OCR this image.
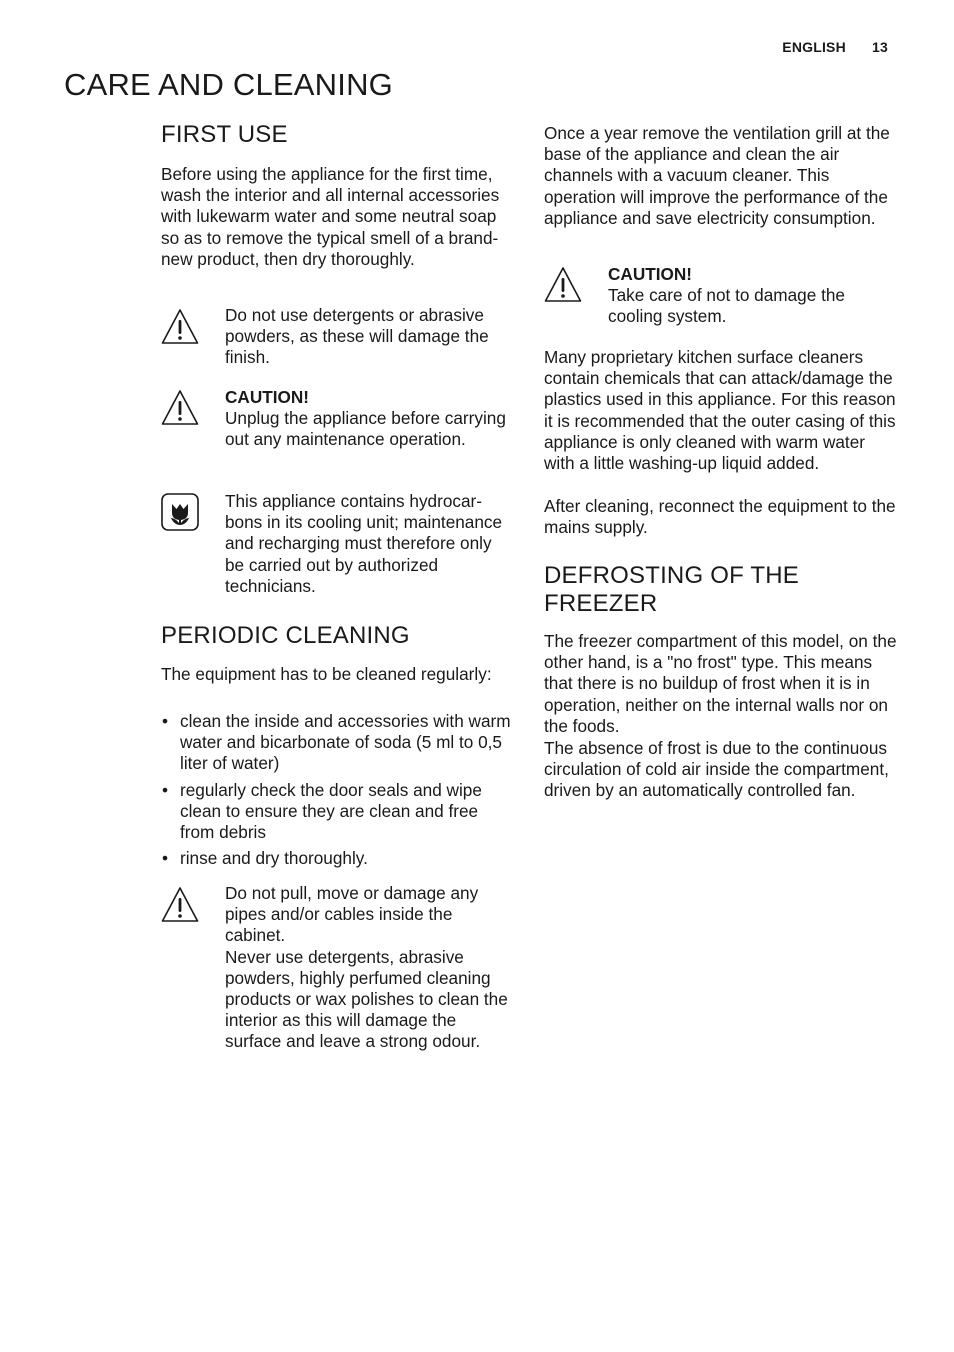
ENGLISH 13
CARE AND CLEANING
FIRST USE

Before using the appliance for the first time, wash the interior and all internal accessories with lukewarm water and some neutral soap so as to remove the typical smell of a brand-new product, then dry thoroughly.

Do not use detergents or abrasive powders, as these will damage the finish.
CAUTION!
Unplug the appliance before carrying out any maintenance operation.
This appliance contains hydrocarbons in its cooling unit; maintenance and recharging must therefore only be carried out by authorized technicians.
PERIODIC CLEANING

The equipment has to be cleaned regularly:

• clean the inside and accessories with warm water and bicarbonate of soda (5 ml to 0,5 liter of water)
• regularly check the door seals and wipe clean to ensure they are clean and free from debris
• rinse and dry thoroughly.
Do not pull, move or damage any pipes and/or cables inside the cabinet.
Never use detergents, abrasive powders, highly perfumed cleaning products or wax polishes to clean the interior as this will damage the surface and leave a strong odour.

Once a year remove the ventilation grill at the base of the appliance and clean the air channels with a vacuum cleaner. This operation will improve the performance of the appliance and save electricity consumption.

CAUTION!
Take care of not to damage the cooling system.

Many proprietary kitchen surface cleaners contain chemicals that can attack/damage the plastics used in this appliance. For this reason it is recommended that the outer casing of this appliance is only cleaned with warm water with a little washing-up liquid added.

After cleaning, reconnect the equipment to the mains supply.

DEFROSTING OF THE FREEZER

The freezer compartment of this model, on the other hand, is a "no frost" type. This means that there is no buildup of frost when it is in operation, neither on the internal walls nor on the foods.

The absence of frost is due to the continuous circulation of cold air inside the compartment, driven by an automatically controlled fan.
